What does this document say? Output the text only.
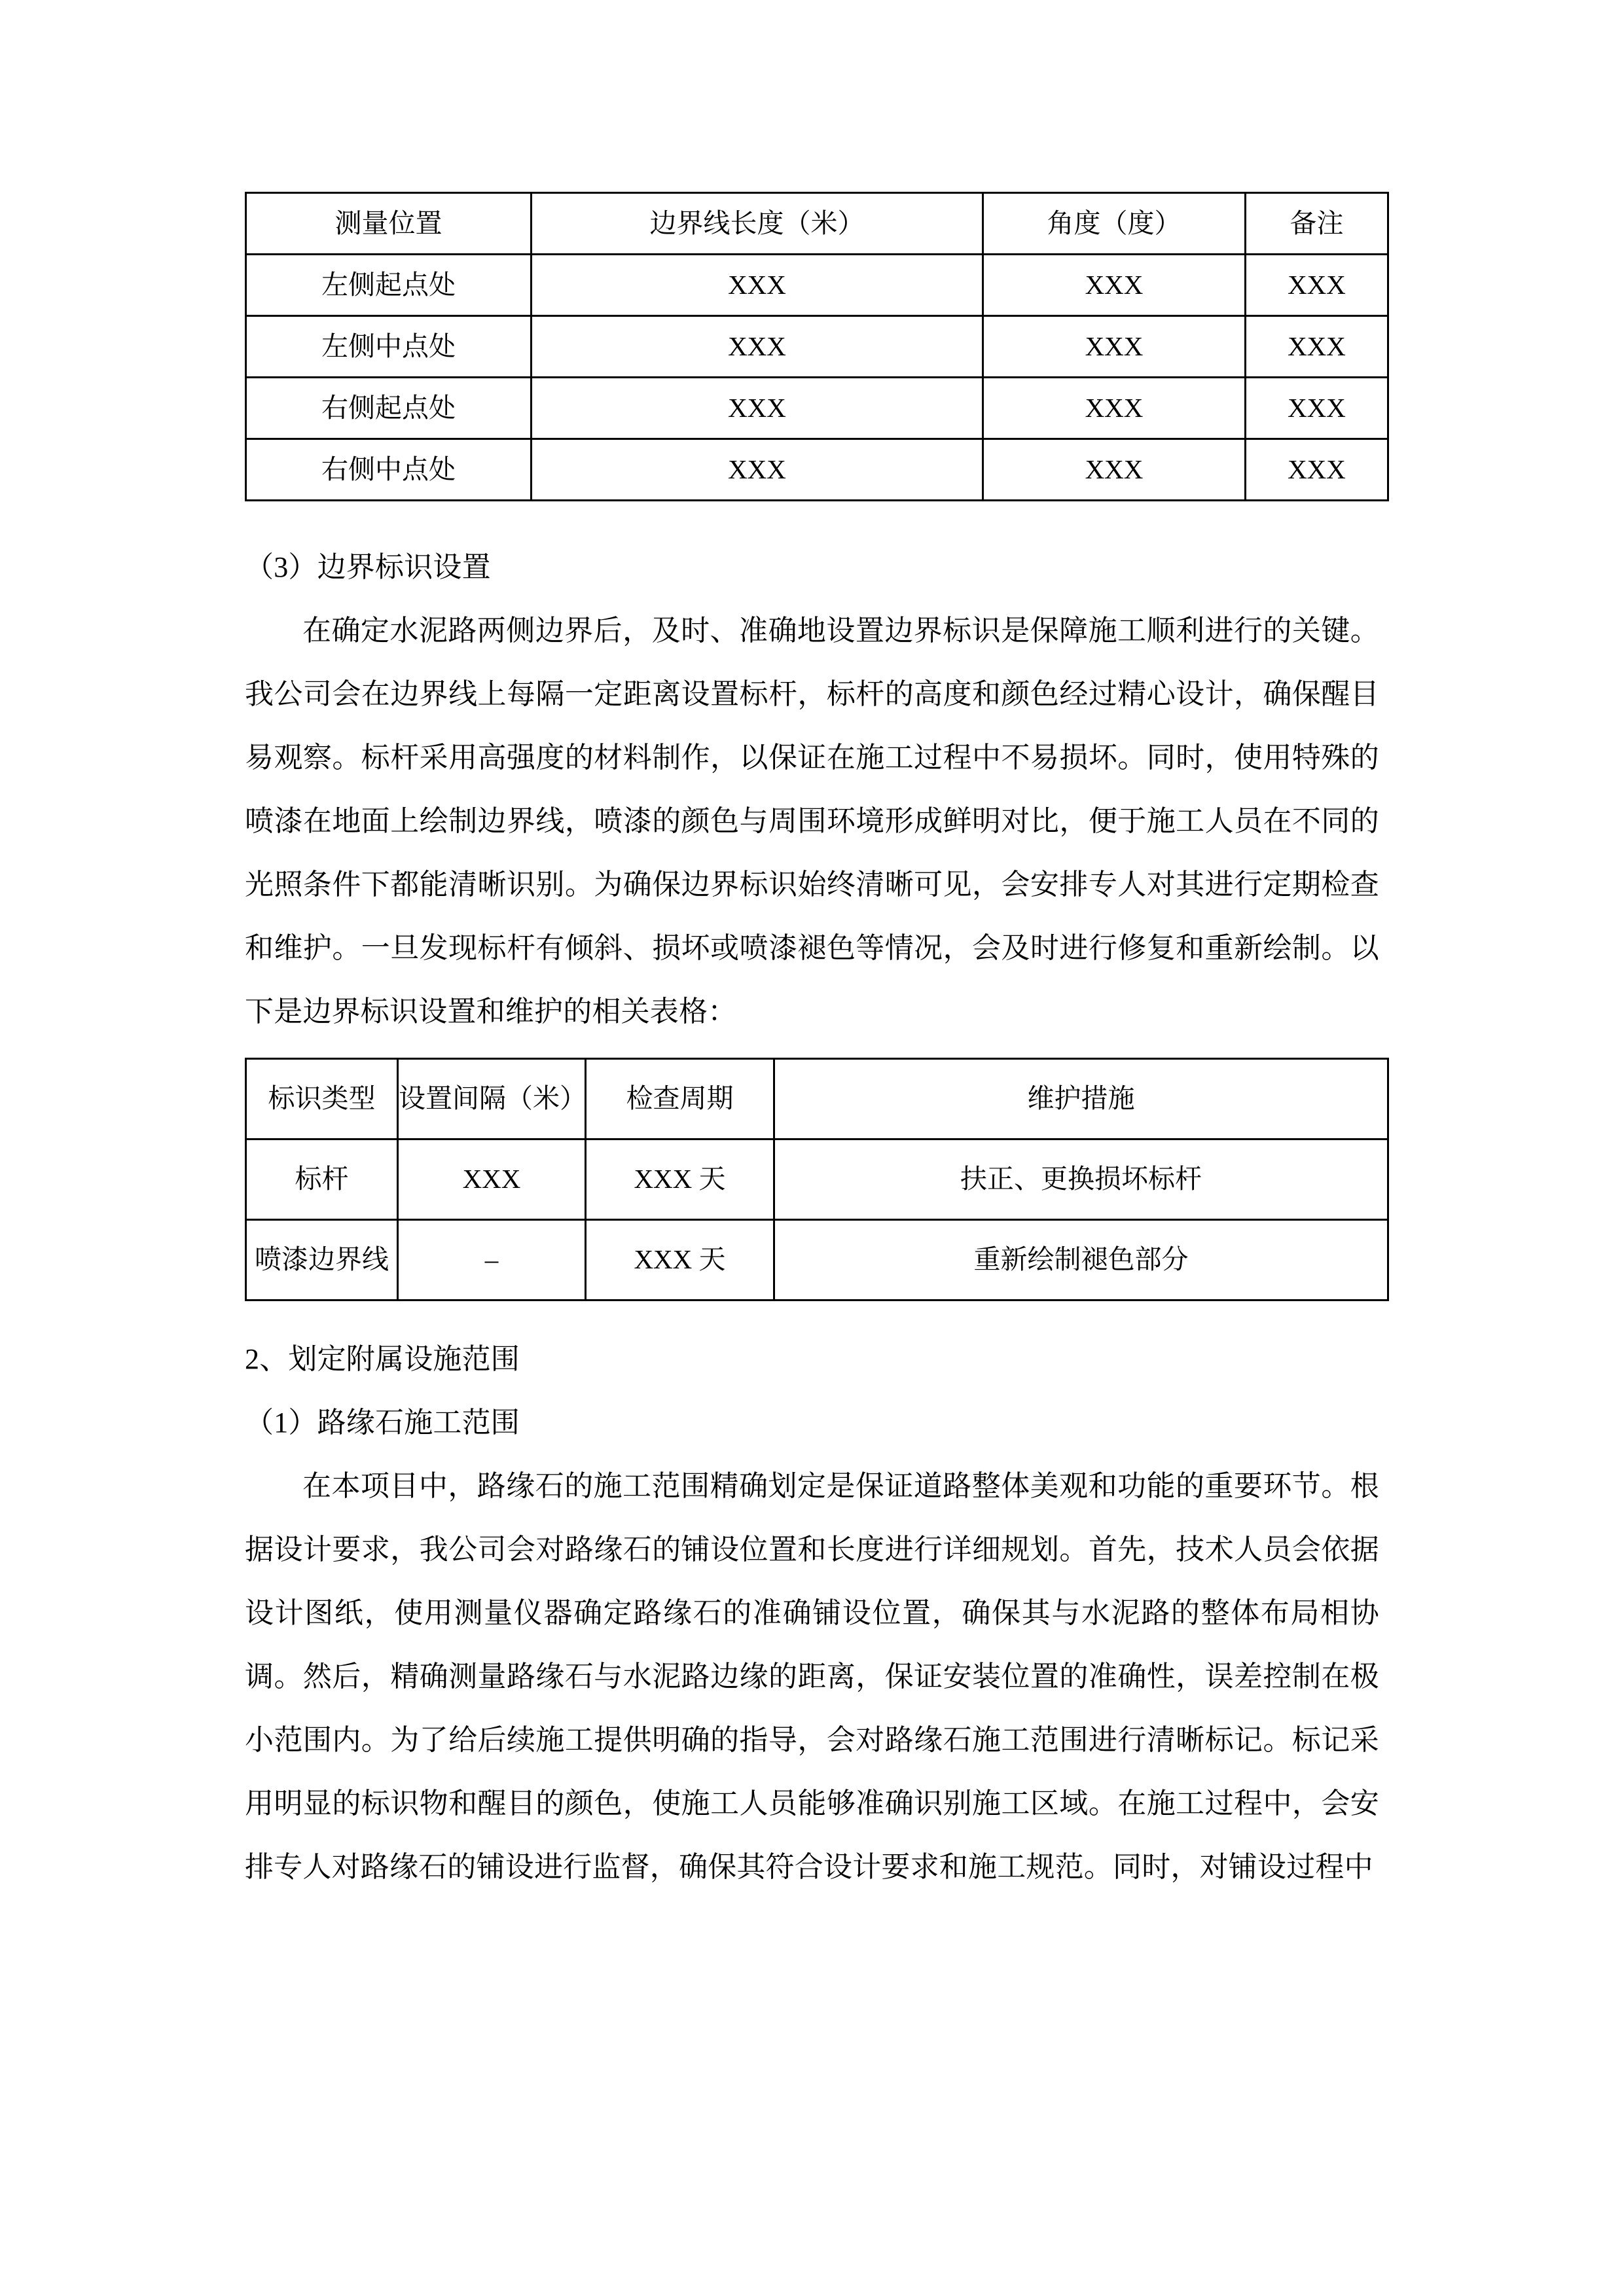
测量位置	边界线长度（米）	角度（度）	备注
左侧起点处	XXX	XXX	XXX
左侧中点处	XXX	XXX	XXX
右侧起点处	XXX	XXX	XXX
右侧中点处	XXX	XXX	XXX

（3）边界标识设置

在确定水泥路两侧边界后，及时、准确地设置边界标识是保障施工顺利进行的关键。我公司会在边界线上每隔一定距离设置标杆，标杆的高度和颜色经过精心设计，确保醒目易观察。标杆采用高强度的材料制作，以保证在施工过程中不易损坏。同时，使用特殊的喷漆在地面上绘制边界线，喷漆的颜色与周围环境形成鲜明对比，便于施工人员在不同的光照条件下都能清晰识别。为确保边界标识始终清晰可见，会安排专人对其进行定期检查和维护。一旦发现标杆有倾斜、损坏或喷漆褪色等情况，会及时进行修复和重新绘制。以下是边界标识设置和维护的相关表格：

标识类型	设置间隔（米）	检查周期	维护措施
标杆	XXX	XXX 天	扶正、更换损坏标杆
喷漆边界线	–	XXX 天	重新绘制褪色部分

2、划定附属设施范围

（1）路缘石施工范围

在本项目中，路缘石的施工范围精确划定是保证道路整体美观和功能的重要环节。根据设计要求，我公司会对路缘石的铺设位置和长度进行详细规划。首先，技术人员会依据设计图纸，使用测量仪器确定路缘石的准确铺设位置，确保其与水泥路的整体布局相协调。然后，精确测量路缘石与水泥路边缘的距离，保证安装位置的准确性，误差控制在极小范围内。为了给后续施工提供明确的指导，会对路缘石施工范围进行清晰标记。标记采用明显的标识物和醒目的颜色，使施工人员能够准确识别施工区域。在施工过程中，会安排专人对路缘石的铺设进行监督，确保其符合设计要求和施工规范。同时，对铺设过程中
